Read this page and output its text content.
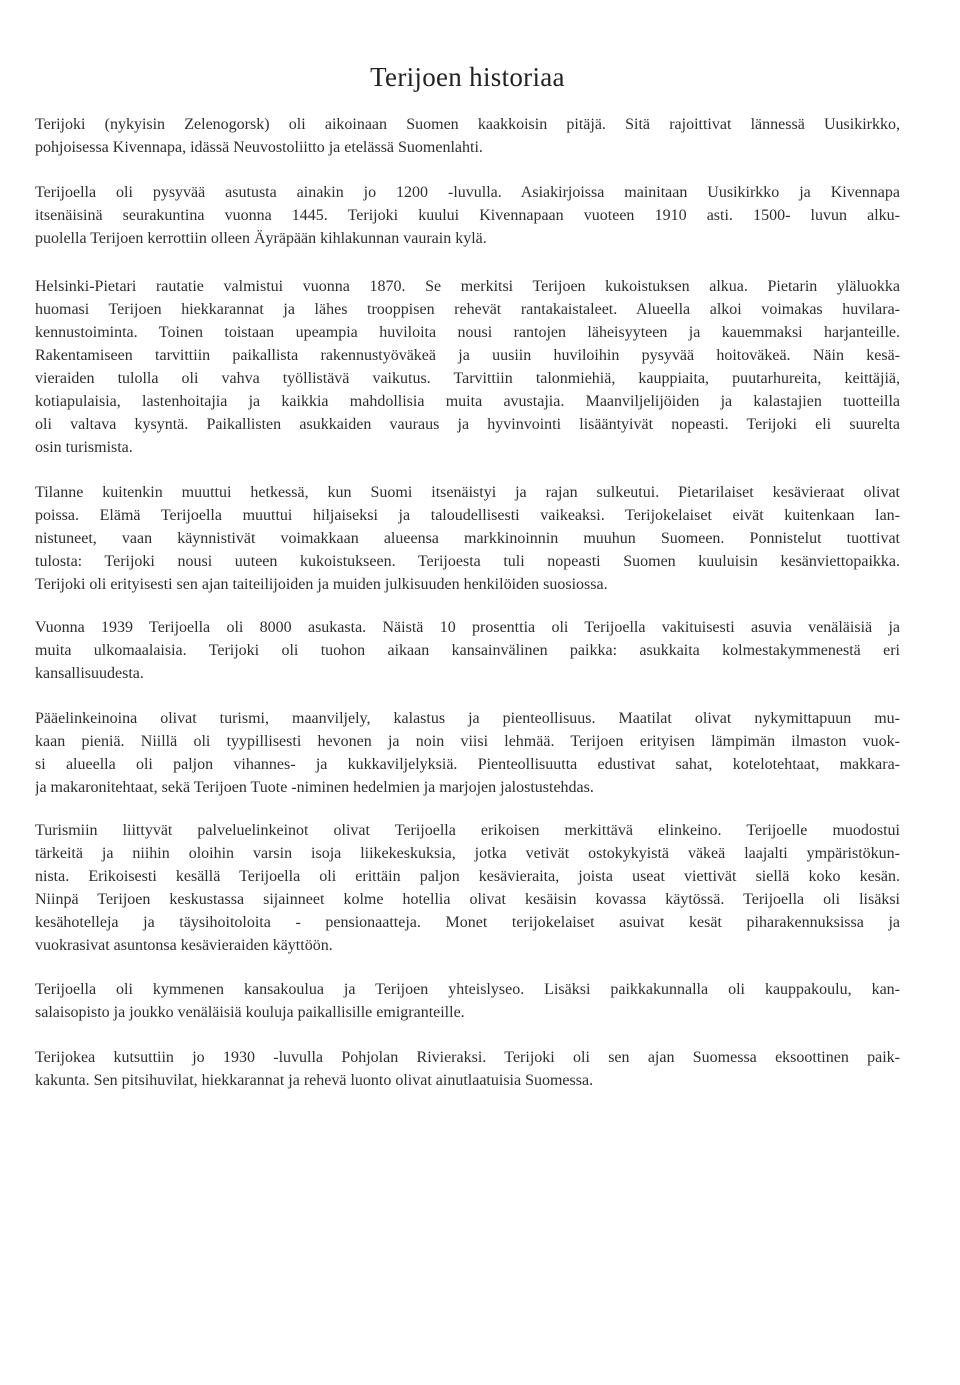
Terijoen historiaa
Terijoki (nykyisin Zelenogorsk) oli aikoinaan Suomen kaakkoisin pitäjä. Sitä rajoittivat lännessä Uusikirkko,
pohjoisessa Kivennapa, idässä Neuvostoliitto ja etelässä Suomenlahti.
Terijoella oli pysyvää asutusta ainakin jo 1200 -luvulla. Asiakirjoissa mainitaan Uusikirkko ja Kivennapa
itsenäisinä seurakuntina vuonna 1445. Terijoki kuului Kivennapaan vuoteen 1910 asti. 1500- luvun alku-
puolella Terijoen kerrottiin olleen Äyräpään kihlakunnan vaurain kylä.
Helsinki-Pietari rautatie valmistui vuonna 1870. Se merkitsi Terijoen kukoistuksen alkua. Pietarin yläluokka
huomasi Terijoen hiekkarannat ja lähes trooppisen rehevät rantakaistaleet. Alueella alkoi voimakas huvilara-
kennustoiminta. Toinen toistaan upeampia huviloita nousi rantojen läheisyyteen ja kauemmaksi harjanteille.
Rakentamiseen tarvittiin paikallista rakennustyöväkeä ja uusiin huviloihin pysyvää hoitoväkeä. Näin kesä-
vieraiden tulolla oli vahva työllistävä vaikutus. Tarvittiin talonmiehiä, kauppiaita, puutarhureita, keittäjiä,
kotiapulaisia, lastenhoitajia ja kaikkia mahdollisia muita avustajia. Maanviljelijöiden ja kalastajien tuotteilla
oli valtava kysyntä. Paikallisten asukkaiden vauraus ja hyvinvointi lisääntyivät nopeasti. Terijoki eli suurelta
osin turismista.
Tilanne kuitenkin muuttui hetkessä, kun Suomi itsenäistyi ja rajan sulkeutui. Pietarilaiset kesävieraat olivat
poissa. Elämä Terijoella muuttui hiljaiseksi ja taloudellisesti vaikeaksi. Terijokelaiset eivät kuitenkaan lan-
nistuneet, vaan käynnistivät voimakkaan alueensa markkinoinnin muuhun Suomeen. Ponnistelut tuottivat
tulosta: Terijoki nousi uuteen kukoistukseen. Terijoesta tuli nopeasti Suomen kuuluisin kesänviettopaikka.
Terijoki oli erityisesti sen ajan taiteilijoiden ja muiden julkisuuden henkilöiden suosiossa.
Vuonna 1939 Terijoella oli 8000 asukasta. Näistä 10 prosenttia oli Terijoella vakituisesti asuvia venäläisiä ja
muita ulkomaalaisia. Terijoki oli tuohon aikaan kansainvälinen paikka: asukkaita kolmestakymmenestä eri
kansallisuudesta.
Pääelinkeinoina olivat turismi, maanviljely, kalastus ja pienteollisuus. Maatilat olivat nykymittapuun mu-
kaan pieniä. Niillä oli tyypillisesti hevonen ja noin viisi lehmää. Terijoen erityisen lämpimän ilmaston vuok-
si alueella oli paljon vihannes- ja kukkaviljelyksiä. Pienteollisuutta edustivat sahat, kotelotehtaat, makkara-
ja makaronitehtaat, sekä Terijoen Tuote -niminen hedelmien ja marjojen jalostustehdas.
Turismiin liittyvät palveluelinkeinot olivat Terijoella erikoisen merkittävä elinkeino. Terijoelle muodostui
tärkeitä ja niihin oloihin varsin isoja liikekeskuksia, jotka vetivät ostokykyistä väkeä laajalti ympäristökun-
nista. Erikoisesti kesällä Terijoella oli erittäin paljon kesävieraita, joista useat viettivät siellä koko kesän.
Niinpä Terijoen keskustassa sijainneet kolme hotellia olivat kesäisin kovassa käytössä. Terijoella oli lisäksi
kesähotelleja ja täysihoitoloita - pensionaatteja. Monet terijokelaiset asuivat kesät piharakennuksissa ja
vuokrasivat asuntonsa kesävieraiden käyttöön.
Terijoella oli kymmenen kansakoulua ja Terijoen yhteislyseo. Lisäksi paikkakunnalla oli kauppakoulu, kan-
salaisopisto ja joukko venäläisiä kouluja paikallisille emigranteille.
Terijokea kutsuttiin jo 1930 -luvulla Pohjolan Rivieraksi. Terijoki oli sen ajan Suomessa eksoottinen paik-
kakunta. Sen pitsihuvilat, hiekkarannat ja rehevä luonto olivat ainutlaatuisia Suomessa.
